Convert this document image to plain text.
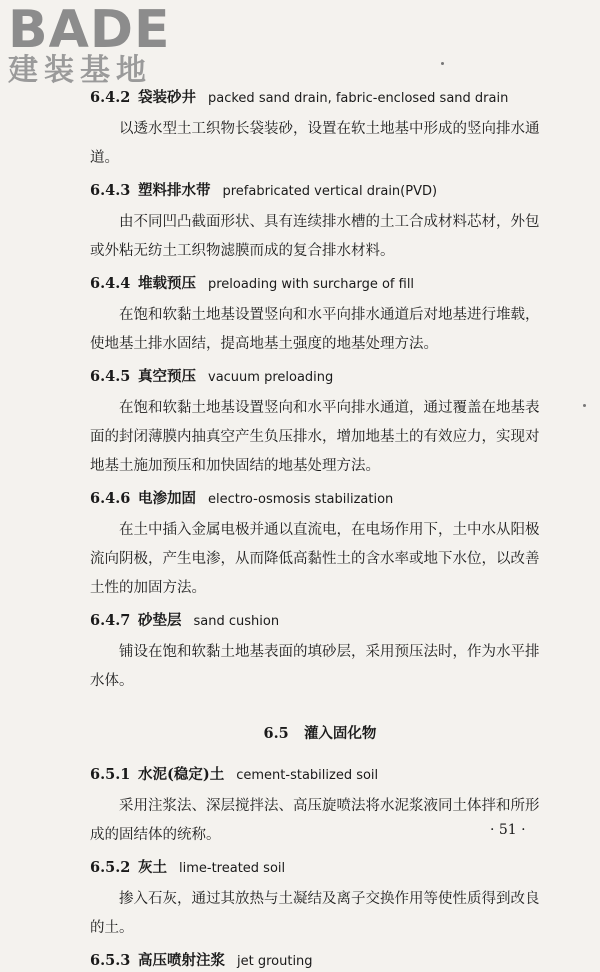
BADE
建装基地

6.4.2 袋装砂井 packed sand drain, fabric-enclosed sand drain

以透水型土工织物长袋装砂，设置在软土地基中形成的竖向排水通道。

6.4.3 塑料排水带 prefabricated vertical drain(PVD)

由不同凹凸截面形状、具有连续排水槽的土工合成材料芯材，外包或外粘无纺土工织物滤膜而成的复合排水材料。

6.4.4 堆载预压 preloading with surcharge of fill

在饱和软黏土地基设置竖向和水平向排水通道后对地基进行堆载，使地基土排水固结，提高地基土强度的地基处理方法。

6.4.5 真空预压 vacuum preloading

在饱和软黏土地基设置竖向和水平向排水通道，通过覆盖在地基表面的封闭薄膜内抽真空产生负压排水，增加地基土的有效应力，实现对地基土施加预压和加快固结的地基处理方法。

6.4.6 电渗加固 electro-osmosis stabilization

在土中插入金属电极并通以直流电，在电场作用下，土中水从阳极流向阴极，产生电渗，从而降低高黏性土的含水率或地下水位，以改善土性的加固方法。

6.4.7 砂垫层 sand cushion

铺设在饱和软黏土地基表面的填砂层，采用预压法时，作为水平排水体。

6.5 灌入固化物

6.5.1 水泥(稳定)土 cement-stabilized soil

采用注浆法、深层搅拌法、高压旋喷法将水泥浆液同土体拌和所形成的固结体的统称。

6.5.2 灰土 lime-treated soil

掺入石灰，通过其放热与土凝结及离子交换作用等使性质得到改良的土。

6.5.3 高压喷射注浆 jet grouting

· 51 ·
